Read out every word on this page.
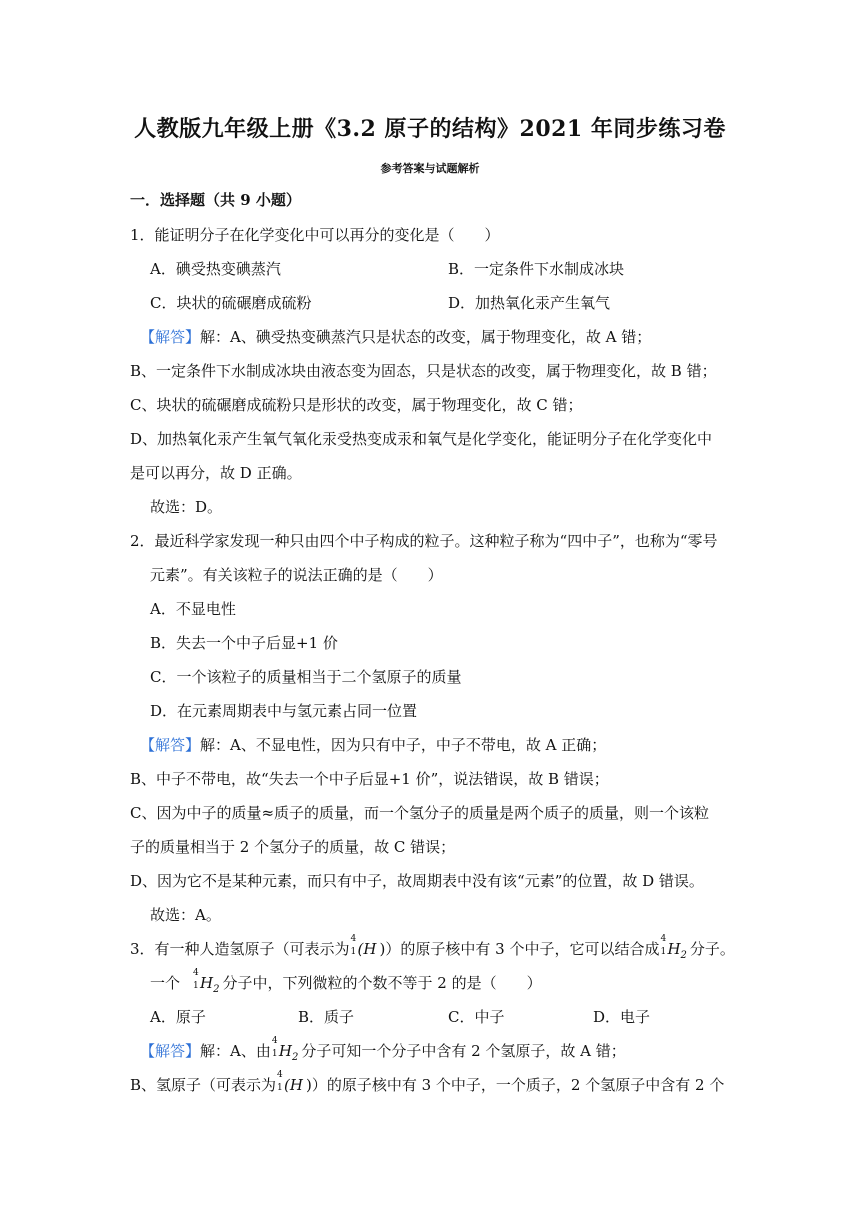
人教版九年级上册《3.2 原子的结构》2021 年同步练习卷
参考答案与试题解析
一．选择题（共 9 小题）
1．能证明分子在化学变化中可以再分的变化是（　　）
A．碘受热变碘蒸汽	B．一定条件下水制成冰块
C．块状的硫碾磨成硫粉	D．加热氧化汞产生氧气
【解答】解：A、碘受热变碘蒸汽只是状态的改变，属于物理变化，故 A 错；
B、一定条件下水制成冰块由液态变为固态，只是状态的改变，属于物理变化，故 B 错；
C、块状的硫碾磨成硫粉只是形状的改变，属于物理变化，故 C 错；
D、加热氧化汞产生氧气氧化汞受热变成汞和氧气是化学变化，能证明分子在化学变化中
是可以再分，故 D 正确。
故选：D。
2．最近科学家发现一种只由四个中子构成的粒子。这种粒子称为“四中子”，也称为“零号
元素”。有关该粒子的说法正确的是（　　）
A．不显电性
B．失去一个中子后显+1 价
C．一个该粒子的质量相当于二个氢原子的质量
D．在元素周期表中与氢元素占同一位置
【解答】解：A、不显电性，因为只有中子，中子不带电，故 A 正确；
B、中子不带电，故“失去一个中子后显+1 价”，说法错误，故 B 错误；
C、因为中子的质量≈质子的质量，而一个氢分子的质量是两个质子的质量，则一个该粒
子的质量相当于 2 个氢分子的质量，故 C 错误；
D、因为它不是某种元素，而只有中子，故周期表中没有该“元素”的位置，故 D 错误。
故选：A。
3．有一种人造氢原子（可表示为
4
1 (H )）的原子核中有 3 个中子，它可以结合成
4
1 $H_2$ 分子。
一个
4
1 $H_2$ 分子中，下列微粒的个数不等于 2 的是（　　）
A．原子	B．质子	C．中子	D．电子
【解答】解：A、由
4
1 $H_2$ 分子可知一个分子中含有 2 个氢原子，故 A 错；
B、氢原子（可表示为
4
1 (H )）的原子核中有 3 个中子，一个质子，2 个氢原子中含有 2 个
